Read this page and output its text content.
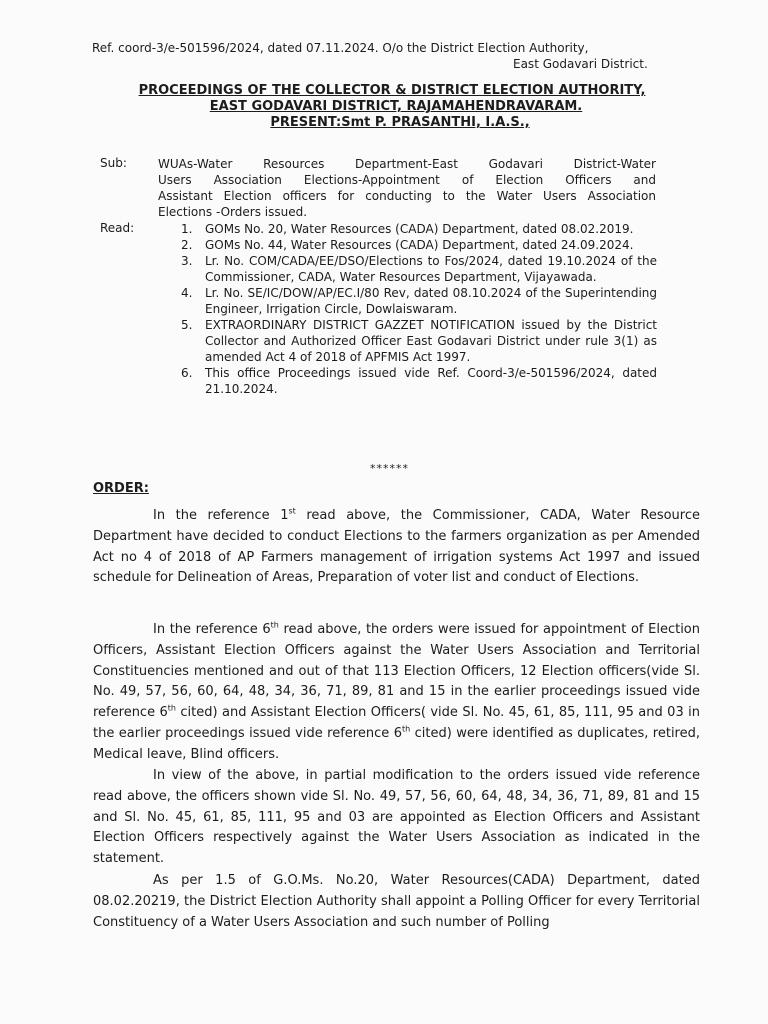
Ref. coord-3/e-501596/2024, dated 07.11.2024. O/o the District Election Authority,
East Godavari District.
PROCEEDINGS OF THE COLLECTOR & DISTRICT ELECTION AUTHORITY,
EAST GODAVARI DISTRICT, RAJAMAHENDRAVARAM.
PRESENT:Smt P. PRASANTHI, I.A.S.,
Sub:	WUAs-Water Resources Department-East Godavari District-Water
Users Association Elections-Appointment of Election Officers and
Assistant Election officers for conducting to the Water Users Association
Elections -Orders issued.
Read:	1. GOMs No. 20, Water Resources (CADA) Department, dated 08.02.2019.
2. GOMs No. 44, Water Resources (CADA) Department, dated 24.09.2024.
3. Lr. No. COM/CADA/EE/DSO/Elections to Fos/2024, dated 19.10.2024 of the Commissioner, CADA, Water Resources Department, Vijayawada.
4. Lr. No. SE/IC/DOW/AP/EC.I/80 Rev, dated 08.10.2024 of the Superintending Engineer, Irrigation Circle, Dowlaiswaram.
5. EXTRAORDINARY DISTRICT GAZZET NOTIFICATION issued by the District Collector and Authorized Officer East Godavari District under rule 3(1) as amended Act 4 of 2018 of APFMIS Act 1997.
6. This office Proceedings issued vide Ref. Coord-3/e-501596/2024, dated 21.10.2024.
******
ORDER:

In the reference 1st read above, the Commissioner, CADA, Water Resource Department have decided to conduct Elections to the farmers organization as per Amended Act no 4 of 2018 of AP Farmers management of irrigation systems Act 1997 and issued schedule for Delineation of Areas, Preparation of voter list and conduct of Elections.

In the reference 6th read above, the orders were issued for appointment of Election Officers, Assistant Election Officers against the Water Users Association and Territorial Constituencies mentioned and out of that 113 Election Officers, 12 Election officers(vide Sl. No. 49, 57, 56, 60, 64, 48, 34, 36, 71, 89, 81 and 15 in the earlier proceedings issued vide reference 6th cited) and Assistant Election Officers( vide Sl. No. 45, 61, 85, 111, 95 and 03 in the earlier proceedings issued vide reference 6th cited) were identified as duplicates, retired, Medical leave, Blind officers.

In view of the above, in partial modification to the orders issued vide reference read above, the officers shown vide Sl. No. 49, 57, 56, 60, 64, 48, 34, 36, 71, 89, 81 and 15 and Sl. No. 45, 61, 85, 111, 95 and 03 are appointed as Election Officers and Assistant Election Officers respectively against the Water Users Association as indicated in the statement.

As per 1.5 of G.O.Ms. No.20, Water Resources(CADA) Department, dated 08.02.20219, the District Election Authority shall appoint a Polling Officer for every Territorial Constituency of a Water Users Association and such number of Polling
